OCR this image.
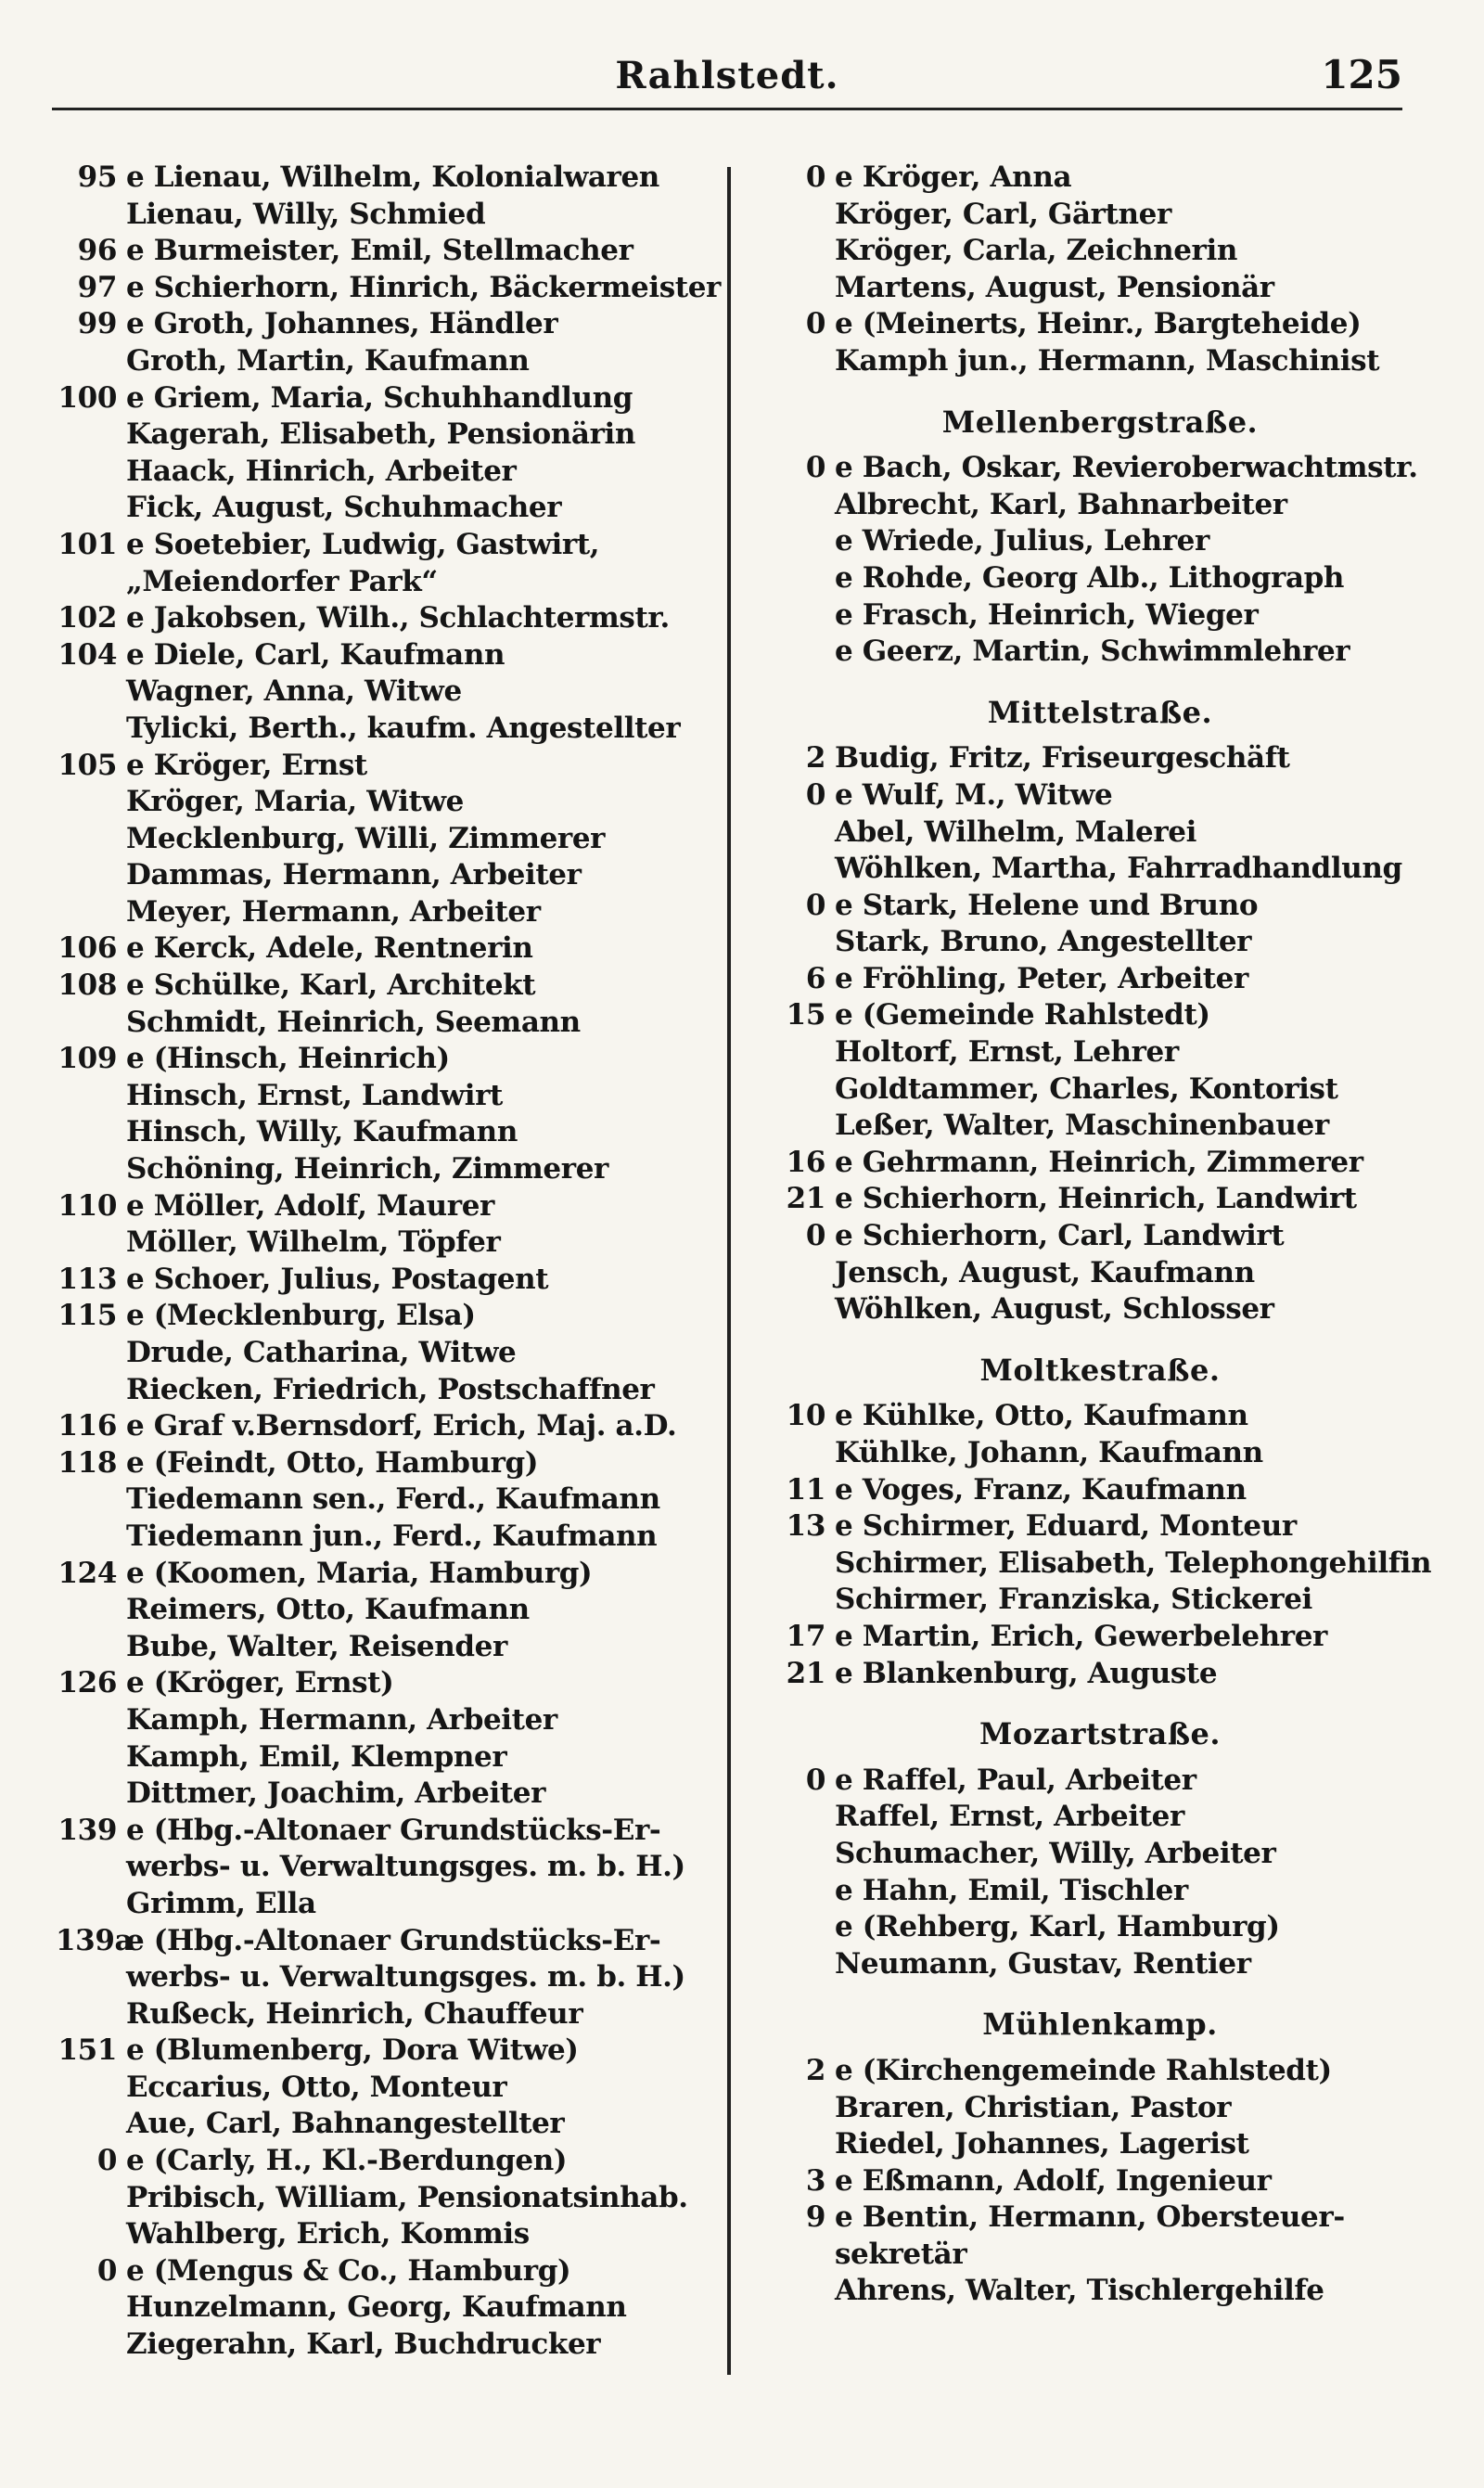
Rahlstedt.	125
95 e Lienau, Wilhelm, Kolonialwaren
Lienau, Willy, Schmied
96 e Burmeister, Emil, Stellmacher
97 e Schierhorn, Hinrich, Bäckermeister
99 e Groth, Johannes, Händler
Groth, Martin, Kaufmann
100 e Griem, Maria, Schuhhandlung
Kagerah, Elisabeth, Pensionärin
Haack, Hinrich, Arbeiter
Fick, August, Schuhmacher
101 e Soetebier, Ludwig, Gastwirt,
„Meiendorfer Park“
102 e Jakobsen, Wilh., Schlachtermstr.
104 e Diele, Carl, Kaufmann
Wagner, Anna, Witwe
Tylicki, Berth., kaufm. Angestellter
105 e Kröger, Ernst
Kröger, Maria, Witwe
Mecklenburg, Willi, Zimmerer
Dammas, Hermann, Arbeiter
Meyer, Hermann, Arbeiter
106 e Kerck, Adele, Rentnerin
108 e Schülke, Karl, Architekt
Schmidt, Heinrich, Seemann
109 e (Hinsch, Heinrich)
Hinsch, Ernst, Landwirt
Hinsch, Willy, Kaufmann
Schöning, Heinrich, Zimmerer
110 e Möller, Adolf, Maurer
Möller, Wilhelm, Töpfer
113 e Schoer, Julius, Postagent
115 e (Mecklenburg, Elsa)
Drude, Catharina, Witwe
Riecken, Friedrich, Postschaffner
116 e Graf v.Bernsdorf, Erich, Maj. a.D.
118 e (Feindt, Otto, Hamburg)
Tiedemann sen., Ferd., Kaufmann
Tiedemann jun., Ferd., Kaufmann
124 e (Koomen, Maria, Hamburg)
Reimers, Otto, Kaufmann
Bube, Walter, Reisender
126 e (Kröger, Ernst)
Kamph, Hermann, Arbeiter
Kamph, Emil, Klempner
Dittmer, Joachim, Arbeiter
139 e (Hbg.-Altonaer Grundstücks-Er-
werbs- u. Verwaltungsges. m. b. H.)
Grimm, Ella
139ae (Hbg.-Altonaer Grundstücks-Er-
werbs- u. Verwaltungsges. m. b. H.)
Rußeck, Heinrich, Chauffeur
151 e (Blumenberg, Dora Witwe)
Eccarius, Otto, Monteur
Aue, Carl, Bahnangestellter
0 e (Carly, H., Kl.-Berdungen)
Pribisch, William, Pensionatsinhab.
Wahlberg, Erich, Kommis
0 e (Mengus & Co., Hamburg)
Hunzelmann, Georg, Kaufmann
Ziegerahn, Karl, Buchdrucker
0 e Kröger, Anna
Kröger, Carl, Gärtner
Kröger, Carla, Zeichnerin
Martens, August, Pensionär
0 e (Meinerts, Heinr., Bargteheide)
Kamph jun., Hermann, Maschinist
Mellenbergstraße.
0 e Bach, Oskar, Revieroberwachtmstr.
Albrecht, Karl, Bahnarbeiter
e Wriede, Julius, Lehrer
e Rohde, Georg Alb., Lithograph
e Frasch, Heinrich, Wieger
e Geerz, Martin, Schwimmlehrer
Mittelstraße.
2 Budig, Fritz, Friseurgeschäft
0 e Wulf, M., Witwe
Abel, Wilhelm, Malerei
Wöhlken, Martha, Fahrradhandlung
0 e Stark, Helene und Bruno
Stark, Bruno, Angestellter
6 e Fröhling, Peter, Arbeiter
15 e (Gemeinde Rahlstedt)
Holtorf, Ernst, Lehrer
Goldtammer, Charles, Kontorist
Leßer, Walter, Maschinenbauer
16 e Gehrmann, Heinrich, Zimmerer
21 e Schierhorn, Heinrich, Landwirt
0 e Schierhorn, Carl, Landwirt
Jensch, August, Kaufmann
Wöhlken, August, Schlosser
Moltkestraße.
10 e Kühlke, Otto, Kaufmann
Kühlke, Johann, Kaufmann
11 e Voges, Franz, Kaufmann
13 e Schirmer, Eduard, Monteur
Schirmer, Elisabeth, Telephongehilfin
Schirmer, Franziska, Stickerei
17 e Martin, Erich, Gewerbelehrer
21 e Blankenburg, Auguste
Mozartstraße.
0 e Raffel, Paul, Arbeiter
Raffel, Ernst, Arbeiter
Schumacher, Willy, Arbeiter
e Hahn, Emil, Tischler
e (Rehberg, Karl, Hamburg)
Neumann, Gustav, Rentier
Mühlenkamp.
2 e (Kirchengemeinde Rahlstedt)
Braren, Christian, Pastor
Riedel, Johannes, Lagerist
3 e Eßmann, Adolf, Ingenieur
9 e Bentin, Hermann, Obersteuer-
sekretär
Ahrens, Walter, Tischlergehilfe
